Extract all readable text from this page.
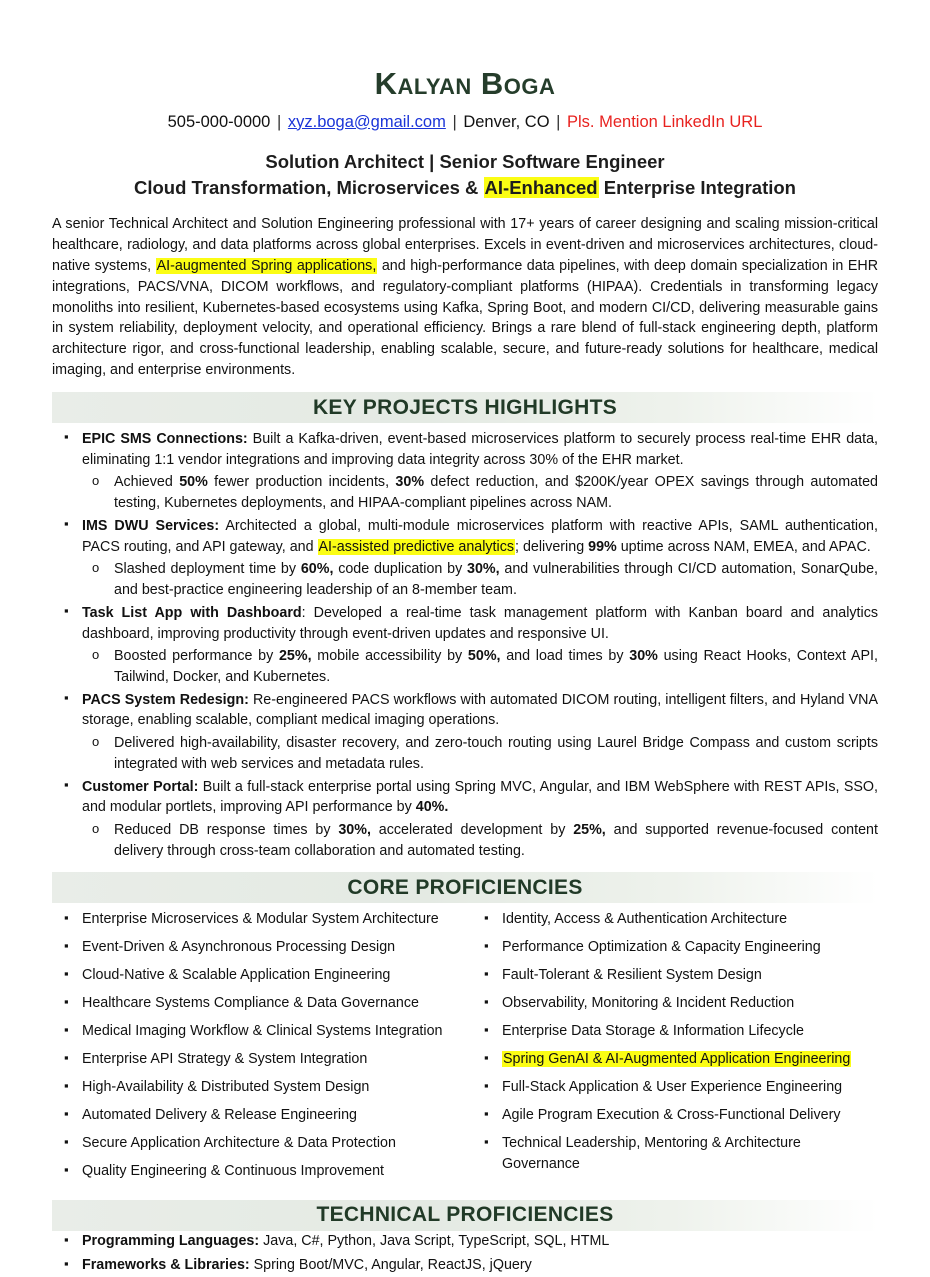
Kalyan Boga
505-000-0000 | xyz.boga@gmail.com | Denver, CO | Pls. Mention LinkedIn URL
Solution Architect | Senior Software Engineer
Cloud Transformation, Microservices & AI-Enhanced Enterprise Integration
A senior Technical Architect and Solution Engineering professional with 17+ years of career designing and scaling mission-critical healthcare, radiology, and data platforms across global enterprises. Excels in event-driven and microservices architectures, cloud-native systems, AI-augmented Spring applications, and high-performance data pipelines, with deep domain specialization in EHR integrations, PACS/VNA, DICOM workflows, and regulatory-compliant platforms (HIPAA). Credentials in transforming legacy monoliths into resilient, Kubernetes-based ecosystems using Kafka, Spring Boot, and modern CI/CD, delivering measurable gains in system reliability, deployment velocity, and operational efficiency. Brings a rare blend of full-stack engineering depth, platform architecture rigor, and cross-functional leadership, enabling scalable, secure, and future-ready solutions for healthcare, medical imaging, and enterprise environments.
KEY PROJECTS HIGHLIGHTS
▪ EPIC SMS Connections: Built a Kafka-driven, event-based microservices platform to securely process real-time EHR data, eliminating 1:1 vendor integrations and improving data integrity across 30% of the EHR market.
o Achieved 50% fewer production incidents, 30% defect reduction, and $200K/year OPEX savings through automated testing, Kubernetes deployments, and HIPAA-compliant pipelines across NAM.
▪ IMS DWU Services: Architected a global, multi-module microservices platform with reactive APIs, SAML authentication, PACS routing, and API gateway, and AI-assisted predictive analytics; delivering 99% uptime across NAM, EMEA, and APAC.
o Slashed deployment time by 60%, code duplication by 30%, and vulnerabilities through CI/CD automation, SonarQube, and best-practice engineering leadership of an 8-member team.
▪ Task List App with Dashboard: Developed a real-time task management platform with Kanban board and analytics dashboard, improving productivity through event-driven updates and responsive UI.
o Boosted performance by 25%, mobile accessibility by 50%, and load times by 30% using React Hooks, Context API, Tailwind, Docker, and Kubernetes.
▪ PACS System Redesign: Re-engineered PACS workflows with automated DICOM routing, intelligent filters, and Hyland VNA storage, enabling scalable, compliant medical imaging operations.
o Delivered high-availability, disaster recovery, and zero-touch routing using Laurel Bridge Compass and custom scripts integrated with web services and metadata rules.
▪ Customer Portal: Built a full-stack enterprise portal using Spring MVC, Angular, and IBM WebSphere with REST APIs, SSO, and modular portlets, improving API performance by 40%.
o Reduced DB response times by 30%, accelerated development by 25%, and supported revenue-focused content delivery through cross-team collaboration and automated testing.
CORE PROFICIENCIES
▪ Enterprise Microservices & Modular System Architecture
▪ Event-Driven & Asynchronous Processing Design
▪ Cloud-Native & Scalable Application Engineering
▪ Healthcare Systems Compliance & Data Governance
▪ Medical Imaging Workflow & Clinical Systems Integration
▪ Enterprise API Strategy & System Integration
▪ High-Availability & Distributed System Design
▪ Automated Delivery & Release Engineering
▪ Secure Application Architecture & Data Protection
▪ Quality Engineering & Continuous Improvement
▪ Identity, Access & Authentication Architecture
▪ Performance Optimization & Capacity Engineering
▪ Fault-Tolerant & Resilient System Design
▪ Observability, Monitoring & Incident Reduction
▪ Enterprise Data Storage & Information Lifecycle
▪ Spring GenAI & AI-Augmented Application Engineering
▪ Full-Stack Application & User Experience Engineering
▪ Agile Program Execution & Cross-Functional Delivery
▪ Technical Leadership, Mentoring & Architecture Governance
TECHNICAL PROFICIENCIES
▪ Programming Languages: Java, C#, Python, Java Script, TypeScript, SQL, HTML
▪ Frameworks & Libraries: Spring Boot/MVC, Angular, ReactJS, jQuery
